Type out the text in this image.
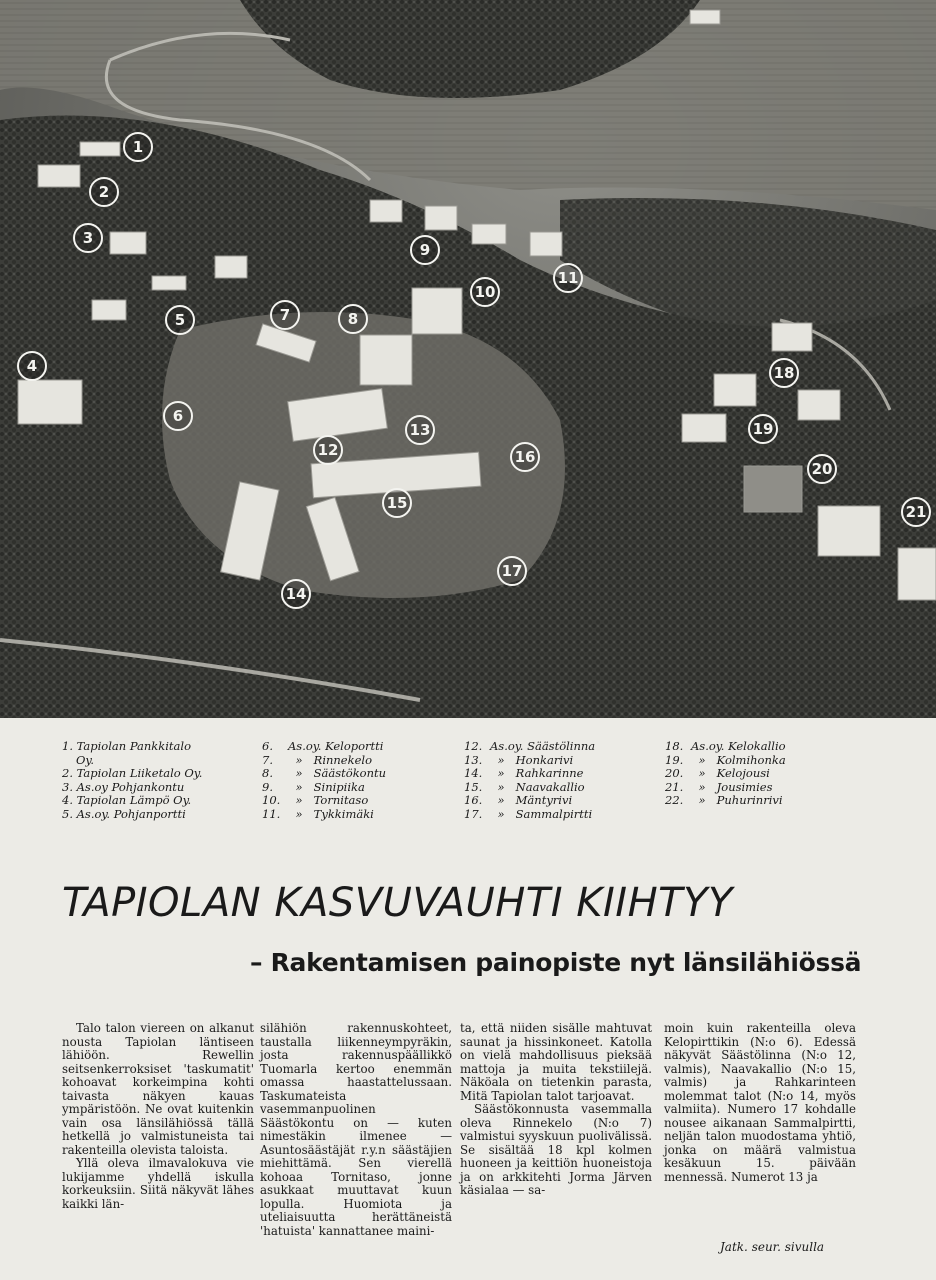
1
2
3
4
5
6
7	8
9
10
11
12
13
14
15
16
17
18
19
20
21
1. Tapiolan Pankkitalo
Oy.
2. Tapiolan Liiketalo Oy.
3. As.oy Pohjankontu
4. Tapiolan Lämpö Oy.
5. As.oy. Pohjanportti
6. As.oy. Keloportti
7. » Rinnekelo
8. » Säästökontu
9. » Sinipiika
10. » Tornitaso
11. » Tykkimäki
12. As.oy. Säästölinna
13. » Honkarivi
14. » Rahkarinne
15. » Naavakallio
16. » Mäntyrivi
17. » Sammalpirtti
18. As.oy. Kelokallio
19. » Kolmihonka
20. » Kelojousi
21. » Jousimies
22. » Puhurinrivi
TAPIOLAN KASVUVAUHTI KIIHTYY
– Rakentamisen painopiste nyt länsilähiössä

Talo talon viereen on alkanut nousta Tapiolan läntiseen lähiöön. Rewellin seitsenkerroksiset 'taskumatit' kohoavat korkeimpina kohti taivasta näkyen kauas ympäristöön. Ne ovat kuitenkin vain osa länsilähiössä tällä hetkellä jo valmistuneista tai rakenteilla olevista taloista.

Yllä oleva ilmavalokuva vie lukijamme yhdellä iskulla korkeuksiin. Siitä näkyvät lähes kaikki län-

silähiön rakennuskohteet, taustalla liikenneympyräkin, josta rakennuspäällikkö Tuomarla kertoo enemmän omassa haastattelussaan. Taskumateista vasemmanpuolinen Säästökontu on — kuten nimestäkin ilmenee — Asuntosäästäjät r.y.n säästäjien miehittämä. Sen vierellä kohoaa Tornitaso, jonne asukkaat muuttavat kuun lopulla. Huomiota ja uteliaisuutta herättäneistä 'hatuista' kannattanee maini-

ta, että niiden sisälle mahtuvat saunat ja hissinkoneet. Katolla on vielä mahdollisuus pieksää mattoja ja muita tekstiilejä. Näköala on tietenkin parasta, Mitä Tapiolan talot tarjoavat.

Säästökonnusta vasemmalla oleva Rinnekelo (N:o 7) valmistui syyskuun puolivälissä. Se sisältää 18 kpl kolmen huoneen ja keittiön huoneistoja ja on arkkitehti Jorma Järven käsialaa — sa-

moin kuin rakenteilla oleva Kelopirttikin (N:o 6). Edessä näkyvät Säästölinna (N:o 12, valmis), Naavakallio (N:o 15, valmis) ja Rahkarinteen molemmat talot (N:o 14, myös valmiita). Numero 17 kohdalle nousee aikanaan Sammalpirtti, neljän talon muodostama yhtiö, jonka on määrä valmistua kesäkuun 15. päivään mennessä. Numerot 13 ja

Jatk. seur. sivulla
